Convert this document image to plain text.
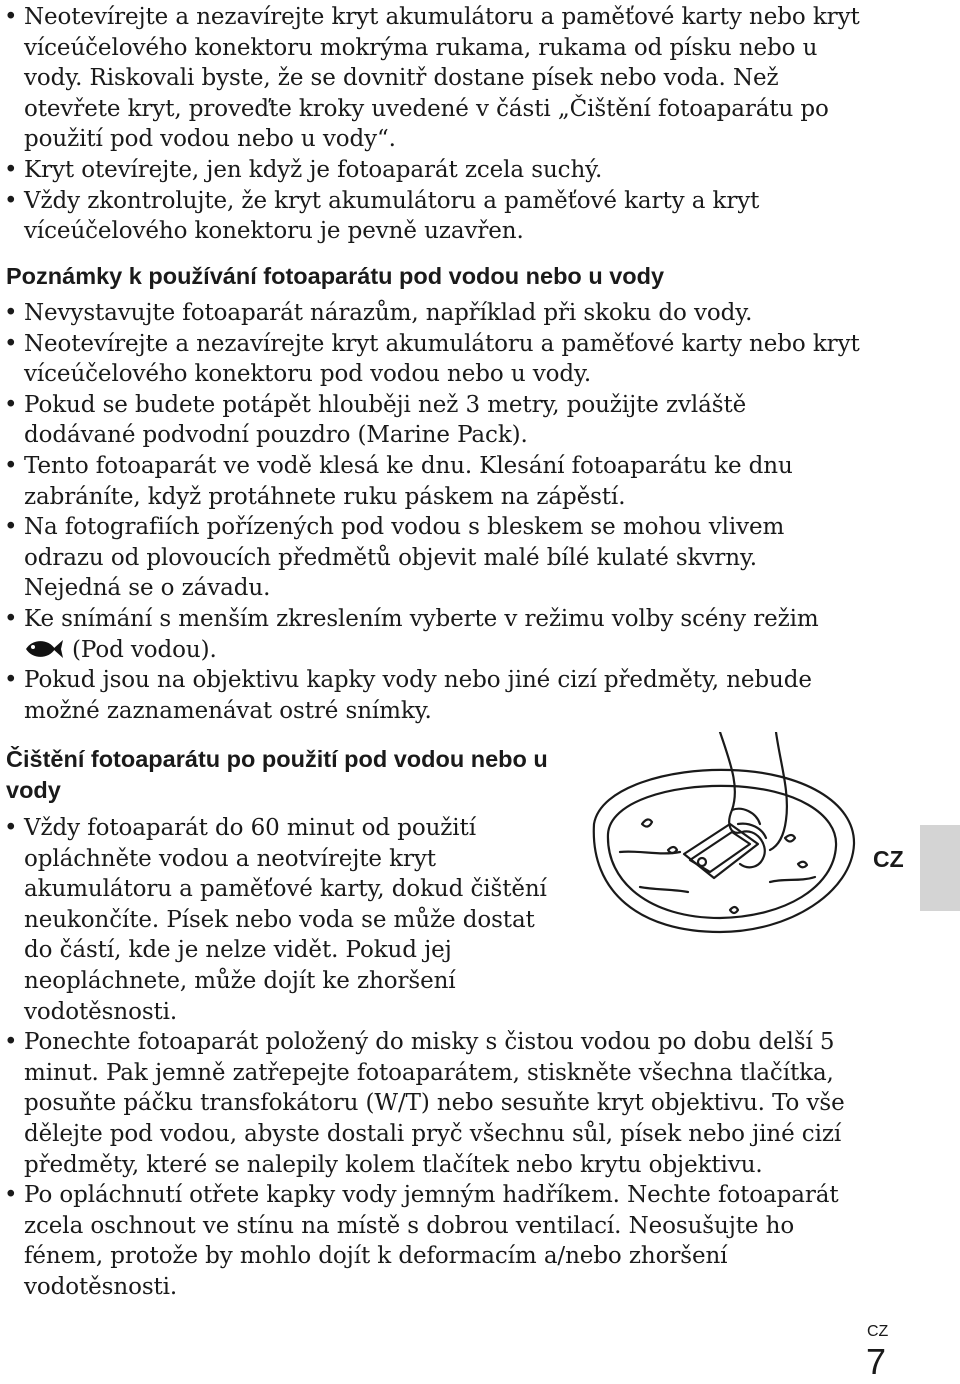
• Neotevírejte a nezavírejte kryt akumulátoru a paměťové karty nebo kryt víceúčelového konektoru mokrýma rukama, rukama od písku nebo u vody. Riskovali byste, že se dovnitř dostane písek nebo voda. Než otevřete kryt, proveďte kroky uvedené v části „Čištění fotoaparátu po použití pod vodou nebo u vody“.
• Kryt otevírejte, jen když je fotoaparát zcela suchý.
• Vždy zkontrolujte, že kryt akumulátoru a paměťové karty a kryt víceúčelového konektoru je pevně uzavřen.
Poznámky k používání fotoaparátu pod vodou nebo u vody
• Nevystavujte fotoaparát nárazům, například při skoku do vody.
• Neotevírejte a nezavírejte kryt akumulátoru a paměťové karty nebo kryt víceúčelového konektoru pod vodou nebo u vody.
• Pokud se budete potápět hlouběji než 3 metry, použijte zvláště dodávané podvodní pouzdro (Marine Pack).
• Tento fotoaparát ve vodě klesá ke dnu. Klesání fotoaparátu ke dnu zabráníte, když protáhnete ruku páskem na zápěstí.
• Na fotografiích pořízených pod vodou s bleskem se mohou vlivem odrazu od plovoucích předmětů objevit malé bílé kulaté skvrny. Nejedná se o závadu.
• Ke snímání s menším zkreslením vyberte v režimu volby scény režim
(Pod vodou).
• Pokud jsou na objektivu kapky vody nebo jiné cizí předměty, nebude možné zaznamenávat ostré snímky.
Čištění fotoaparátu po použití pod vodou nebo u vody
• Vždy fotoaparát do 60 minut od použití opláchněte vodou a neotvírejte kryt akumulátoru a paměťové karty, dokud čištění neukončíte. Písek nebo voda se může dostat do částí, kde je nelze vidět. Pokud jej neopláchnete, může dojít ke zhoršení vodotěsnosti.
• Ponechte fotoaparát položený do misky s čistou vodou po dobu delší 5 minut. Pak jemně zatřepejte fotoaparátem, stiskněte všechna tlačítka, posuňte páčku transfokátoru (W/T) nebo sesuňte kryt objektivu. To vše dělejte pod vodou, abyste dostali pryč všechnu sůl, písek nebo jiné cizí předměty, které se nalepily kolem tlačítek nebo krytu objektivu.
• Po opláchnutí otřete kapky vody jemným hadříkem. Nechte fotoaparát zcela oschnout ve stínu na místě s dobrou ventilací. Neosušujte ho fénem, protože by mohlo dojít k deformacím a/nebo zhoršení vodotěsnosti.

CZ

CZ
7
